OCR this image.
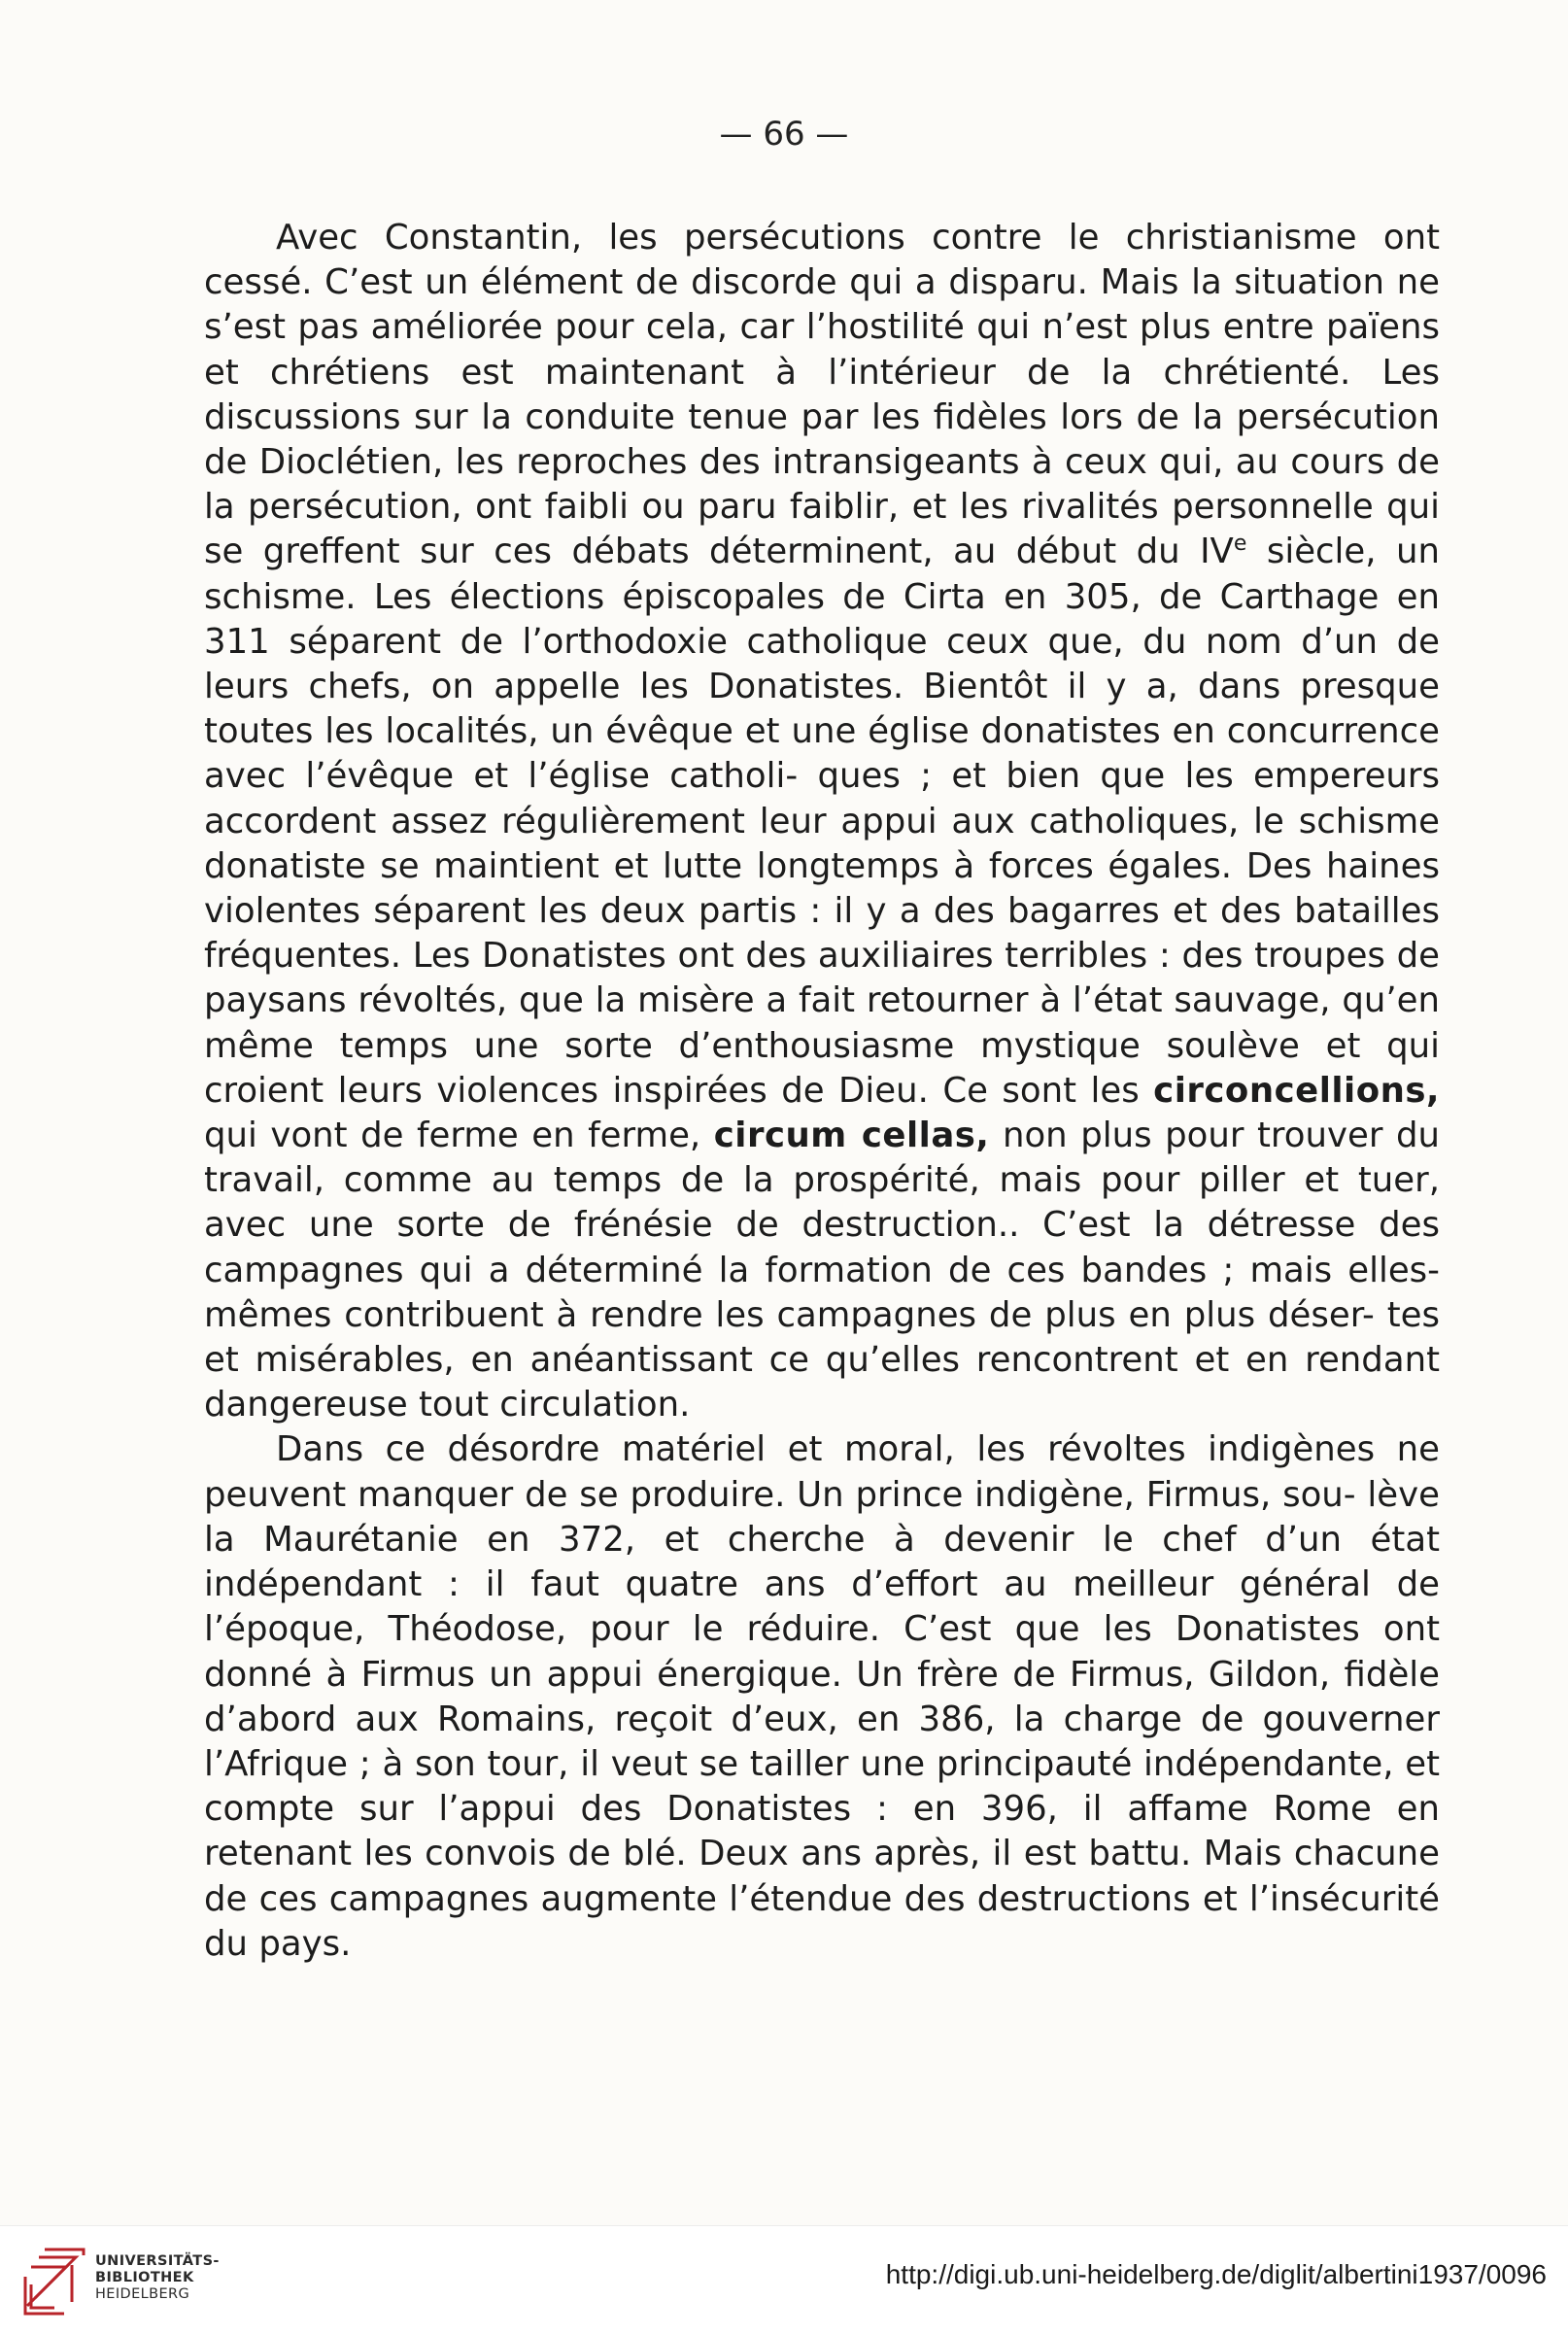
— 66 —

Avec Constantin, les persécutions contre le christianisme ont cessé. C’est un élément de discorde qui a disparu. Mais la situation ne s’est pas améliorée pour cela, car l’hostilité qui n’est plus entre païens et chrétiens est maintenant à l’intérieur de la chrétienté. Les discussions sur la conduite tenue par les fidèles lors de la persécution de Dioclétien, les reproches des intransigeants à ceux qui, au cours de la persécution, ont faibli ou paru faiblir, et les rivalités personnelle qui se greffent sur ces débats déterminent, au début du IVe siècle, un schisme. Les élections épiscopales de Cirta en 305, de Carthage en 311 séparent de l’orthodoxie catholique ceux que, du nom d’un de leurs chefs, on appelle les Donatistes. Bientôt il y a, dans presque toutes les localités, un évêque et une église donatistes en concurrence avec l’évêque et l’église catholi- ques ; et bien que les empereurs accordent assez régulièrement leur appui aux catholiques, le schisme donatiste se maintient et lutte longtemps à forces égales. Des haines violentes séparent les deux partis : il y a des bagarres et des batailles fréquentes. Les Donatistes ont des auxiliaires terribles : des troupes de paysans révoltés, que la misère a fait retourner à l’état sauvage, qu’en même temps une sorte d’enthousiasme mystique soulève et qui croient leurs violences inspirées de Dieu. Ce sont les circoncellions, qui vont de ferme en ferme, circum cellas, non plus pour trouver du travail, comme au temps de la prospérité, mais pour piller et tuer, avec une sorte de frénésie de destruction.. C’est la détresse des campagnes qui a déterminé la formation de ces bandes ; mais elles- mêmes contribuent à rendre les campagnes de plus en plus déser- tes et misérables, en anéantissant ce qu’elles rencontrent et en rendant dangereuse tout circulation.

Dans ce désordre matériel et moral, les révoltes indigènes ne peuvent manquer de se produire. Un prince indigène, Firmus, sou- lève la Maurétanie en 372, et cherche à devenir le chef d’un état indépendant : il faut quatre ans d’effort au meilleur général de l’époque, Théodose, pour le réduire. C’est que les Donatistes ont donné à Firmus un appui énergique. Un frère de Firmus, Gildon, fidèle d’abord aux Romains, reçoit d’eux, en 386, la charge de gouverner l’Afrique ; à son tour, il veut se tailler une principauté indépendante, et compte sur l’appui des Donatistes : en 396, il affame Rome en retenant les convois de blé. Deux ans après, il est battu. Mais chacune de ces campagnes augmente l’étendue des destructions et l’insécurité du pays.

UNIVERSITÄTS-
BIBLIOTHEK
HEIDELBERG
http://digi.ub.uni-heidelberg.de/diglit/albertini1937/0096
